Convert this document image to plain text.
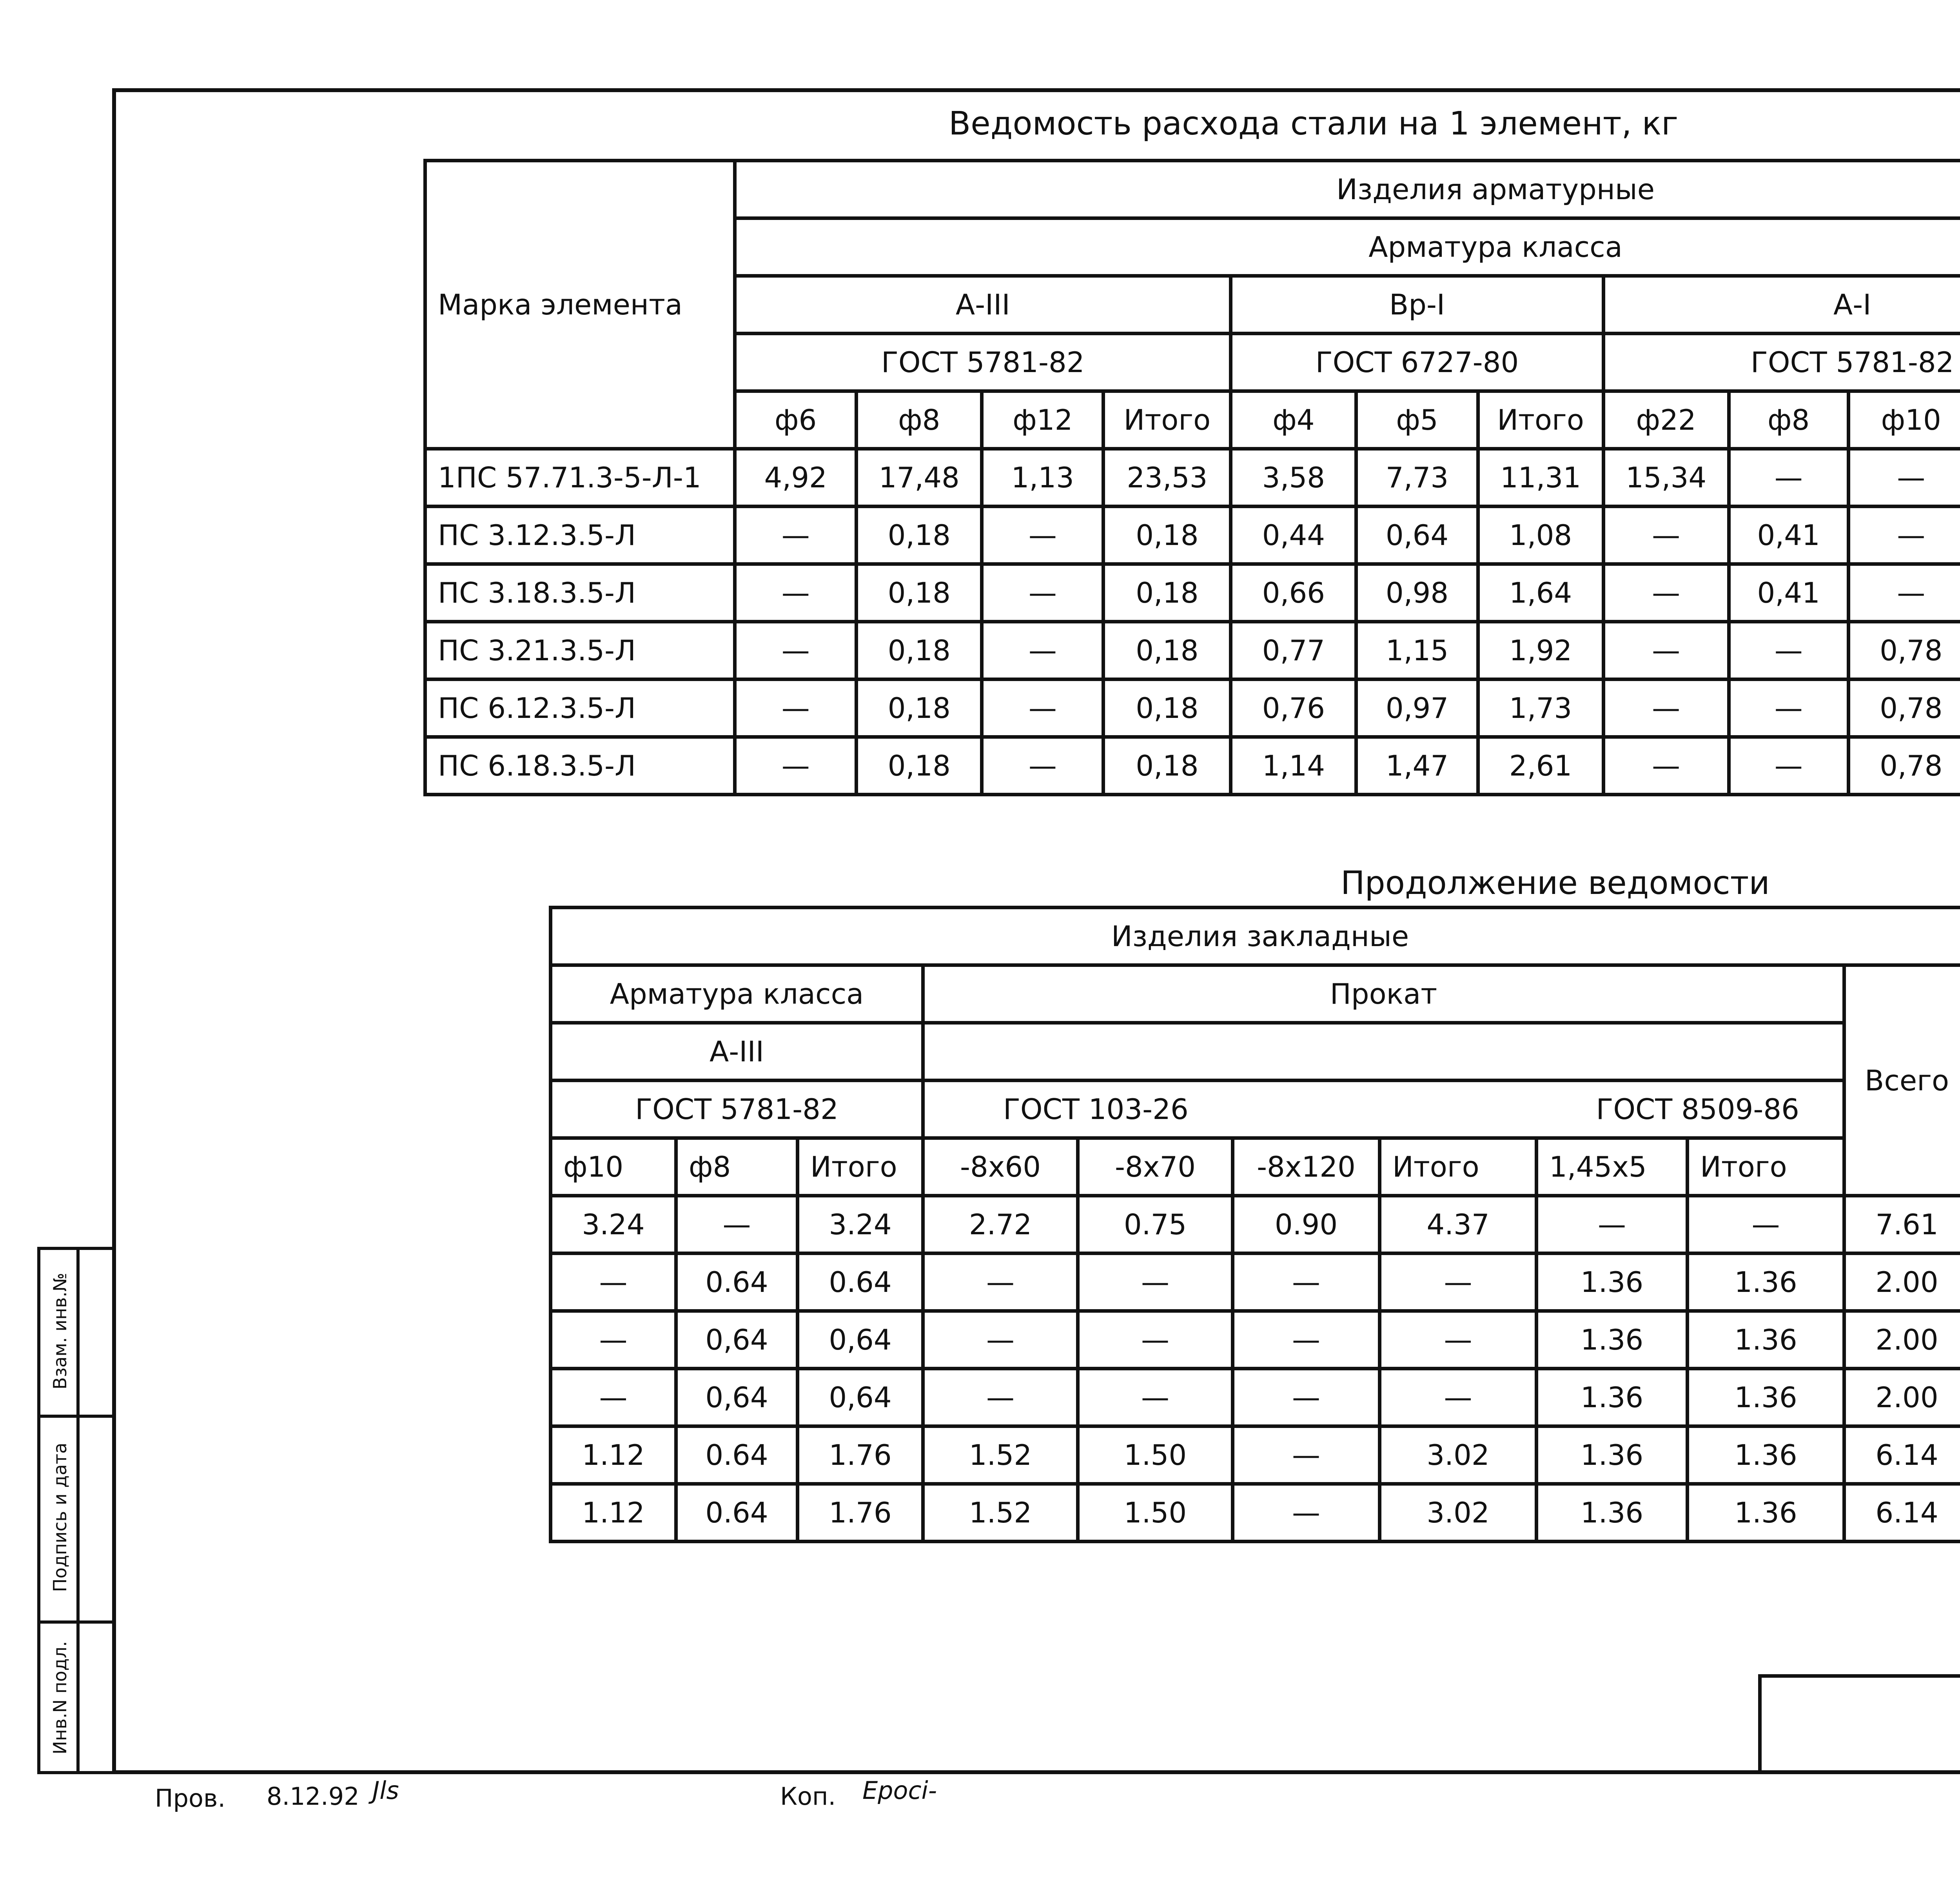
Ведомость расхода стали на 1 элемент, кг
Марка элемента	Изделия арматурные											
	Арматура класса											
	А-III				Вр-I			А-I	
	ГОСТ 5781-82				ГОСТ 6727-80			ГОСТ 5781-82				
	ф6	ф8	ф12	Итого	ф4	ф5	Итого	ф22	ф8	ф10	
1ПС 57.71.3-5-Л-1	4,92	17,48	1,13	23,53	3,58	7,73	11,31	15,34	—	—		
ПС 3.12.3.5-Л	—	0,18	—	0,18	0,44	0,64	1,08	—	0,41	—		
ПС 3.18.3.5-Л	—	0,18	—	0,18	0,66	0,98	1,64	—	0,41	—		
ПС 3.21.3.5-Л	—	0,18	—	0,18	0,77	1,15	1,92	—	—	0,78		
ПС 6.12.3.5-Л	—	0,18	—	0,18	0,76	0,97	1,73	—	—	0,78		
ПС 6.18.3.5-Л	—	0,18	—	0,18	1,14	1,47	2,61	—	—	0,78		
Продолжение ведомости
Изделия закладные	
Арматура класса			Прокат						Всего	
А-III										
ГОСТ 5781-82			ГОСТ 103-26 ГОСТ 8509-86							

ф10	ф8	Итого	-8х60	-8х70	-8х120	Итого	1,45х5	Итого		
3.24	—	3.24	2.72	0.75	0.90	4.37	—	—	7.61	
—	0.64	0.64	—	—	—	—	1.36	1.36	2.00	
—	0,64	0,64	—	—	—	—	1.36	1.36	2.00	
—	0,64	0,64	—	—	—	—	1.36	1.36	2.00	
1.12	0.64	1.76	1.52	1.50	—	3.02	1.36	1.36	6.14	
1.12	0.64	1.76	1.52	1.50	—	3.02	1.36	1.36	6.14	
Взам. инв.№
Подпись и дата
Инв.N подл.
Пров. 8.12.92 Jls	Коп. Еросі-
